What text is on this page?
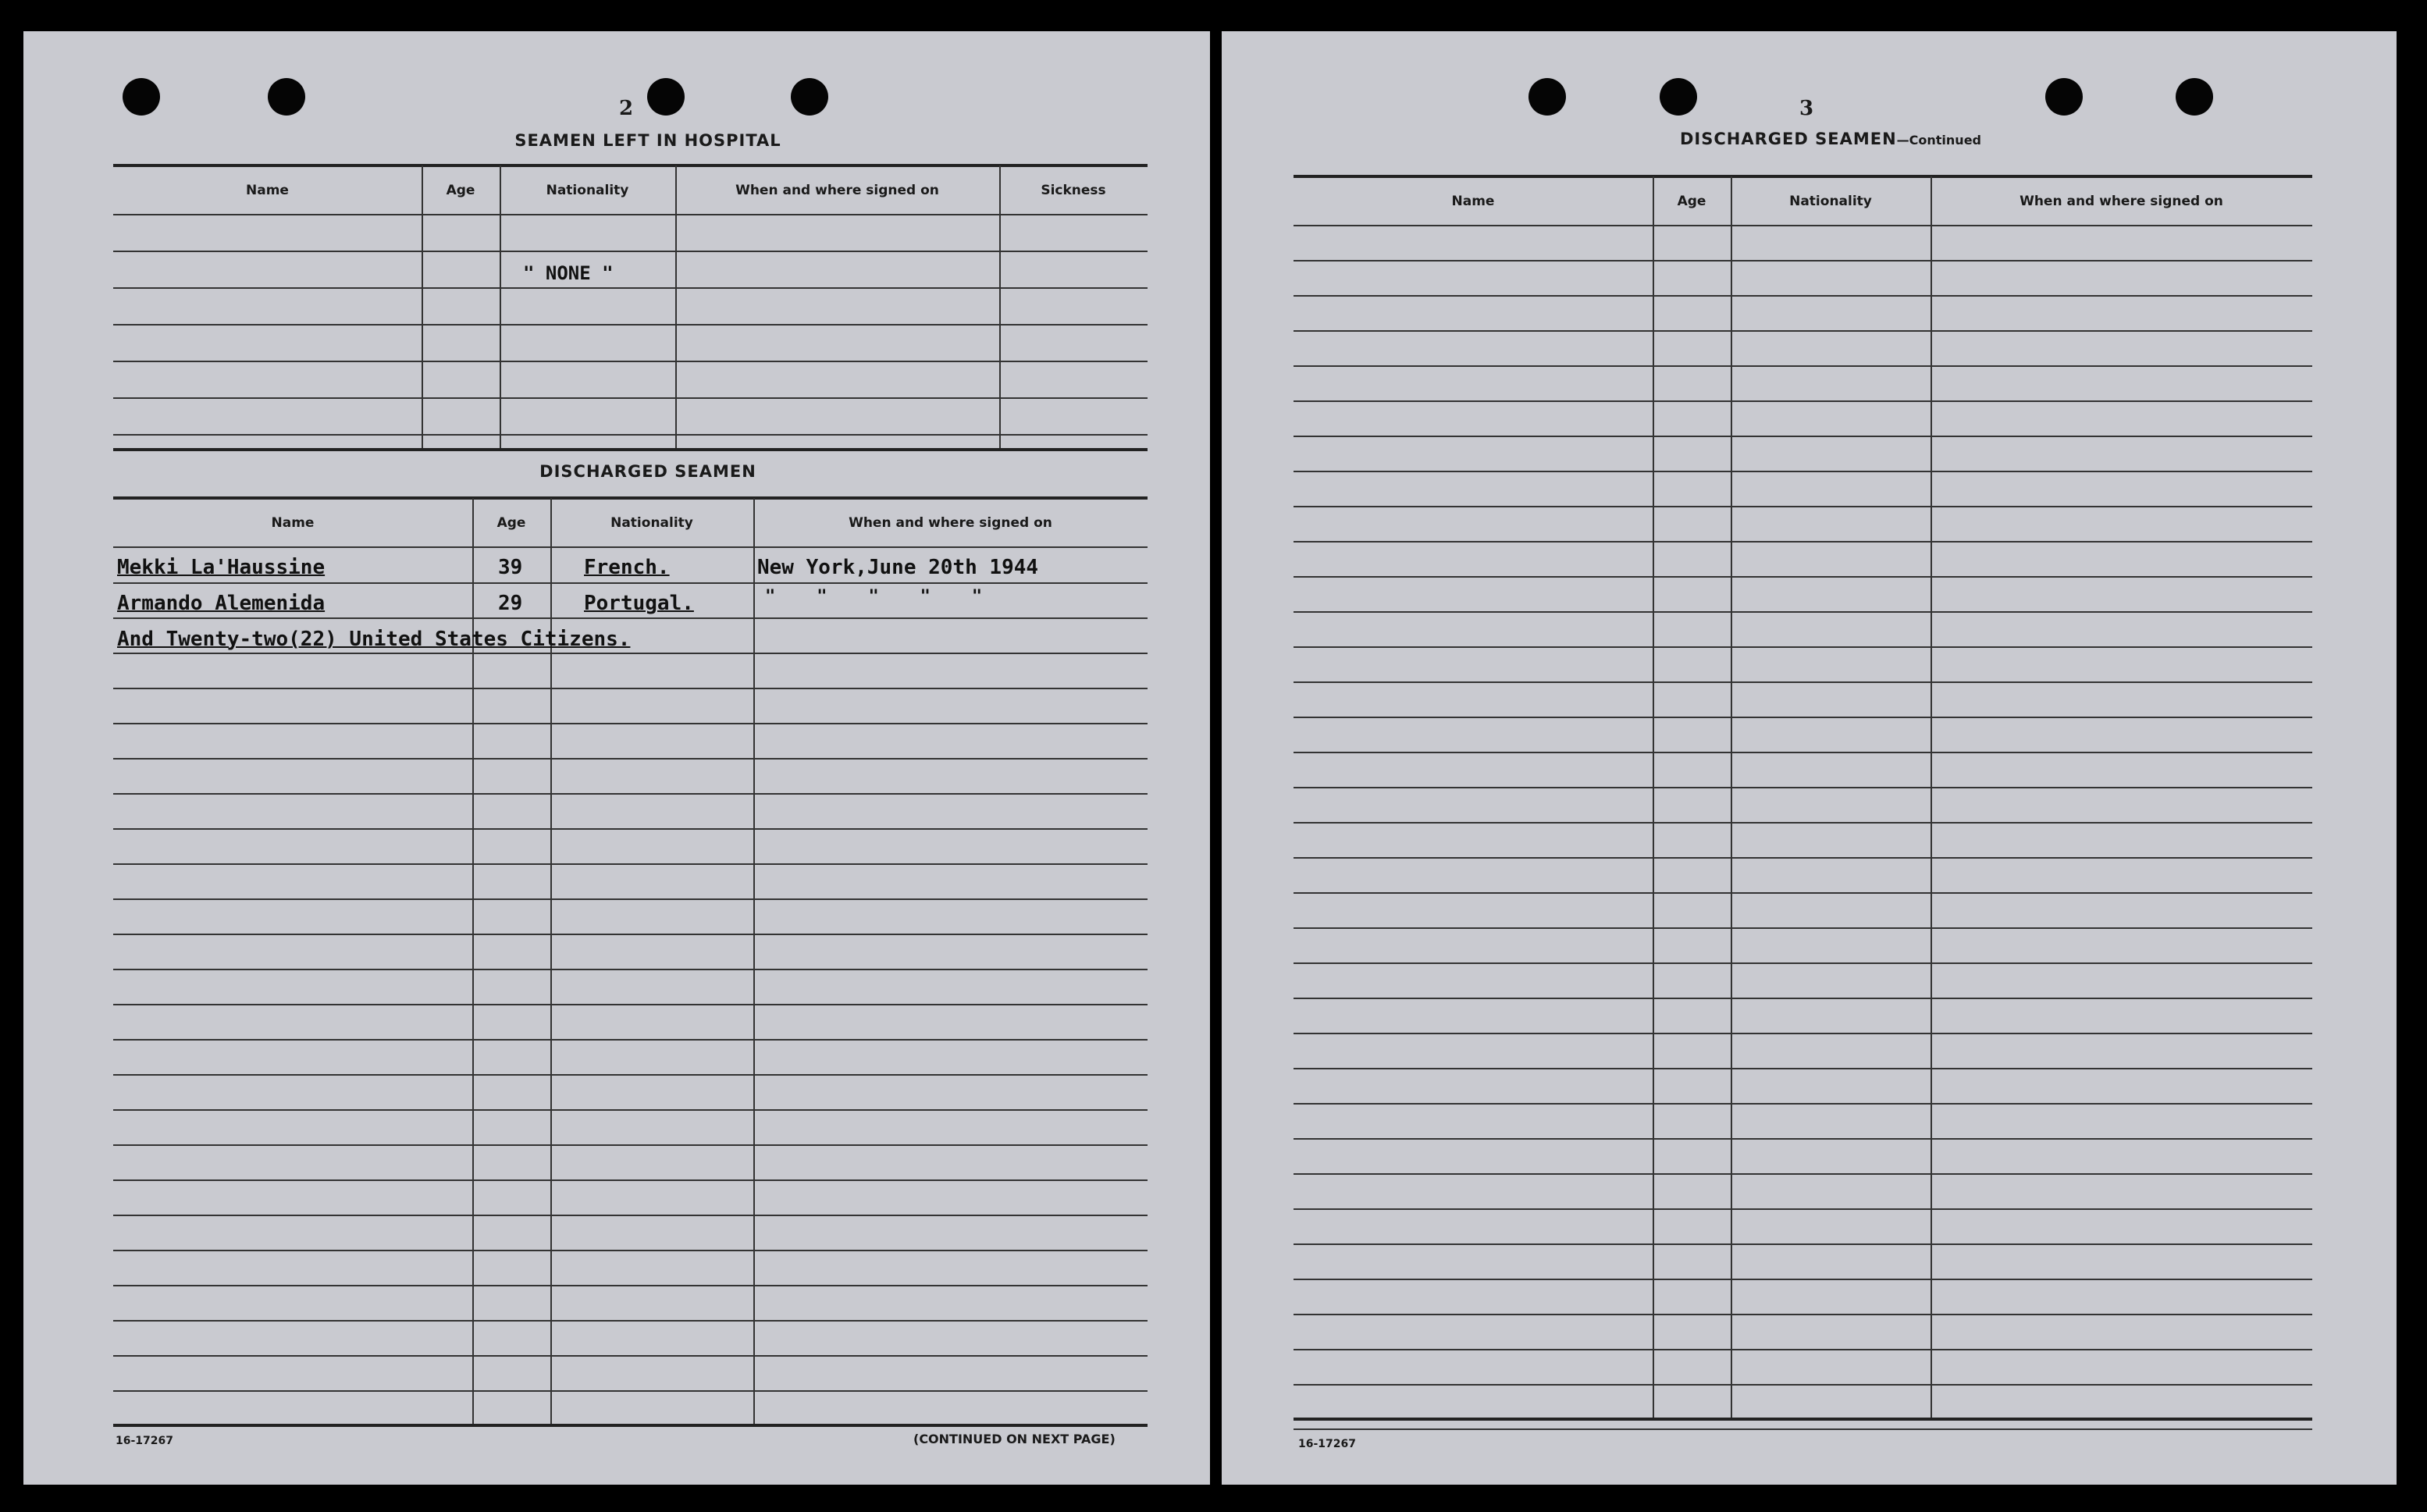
2
SEAMEN LEFT IN HOSPITAL
Name	Age	Nationality	When and where signed on	Sickness
" NONE "
DISCHARGED SEAMEN
Name	Age	Nationality	When and where signed on
Mekki La'Haussine	39	French.	New York,June 20th 1944
Armando Alemenida	29	Portugal.	"    "    "    "    "
And Twenty-two(22) United States Citizens.
16-17267	(CONTINUED ON NEXT PAGE)
3
DISCHARGED SEAMEN—Continued
Name	Age	Nationality	When and where signed on
16-17267
